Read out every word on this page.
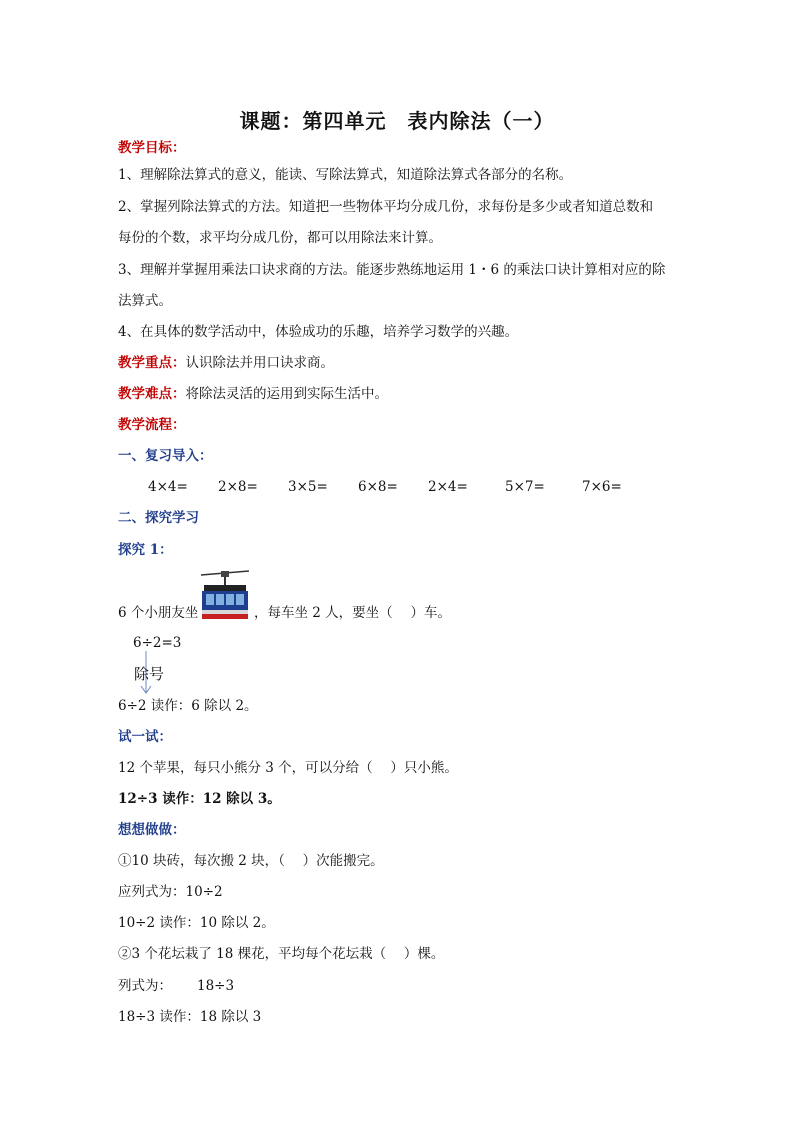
课题：第四单元　表内除法（一）
教学目标：
1、理解除法算式的意义，能读、写除法算式，知道除法算式各部分的名称。
2、掌握列除法算式的方法。知道把一些物体平均分成几份，求每份是多少或者知道总数和
每份的个数，求平均分成几份，都可以用除法来计算。
3、理解并掌握用乘法口诀求商的方法。能逐步熟练地运用 1・6 的乘法口诀计算相对应的除
法算式。
4、在具体的数学活动中，体验成功的乐趣，培养学习数学的兴趣。
教学重点：认识除法并用口诀求商。
教学难点：将除法灵活的运用到实际生活中。
教学流程：
一、复习导入：
4×4= 2×8= 3×5= 6×8= 2×4=	5×7=	7×6=
二、探究学习
探究 1：
6 个小朋友坐	，每车坐 2 人，要坐（　 ）车。
6÷2=3
除号
6÷2 读作：6 除以 2。
试一试：
12 个苹果，每只小熊分 3 个，可以分给（　 ）只小熊。
12÷3 读作：12 除以 3。
想想做做：
①10 块砖，每次搬 2 块，（　 ）次能搬完。
应列式为：10÷2
10÷2 读作：10 除以 2。
②3 个花坛栽了 18 棵花，平均每个花坛栽（　 ）棵。
列式为： 18÷3
18÷3 读作：18 除以 3
